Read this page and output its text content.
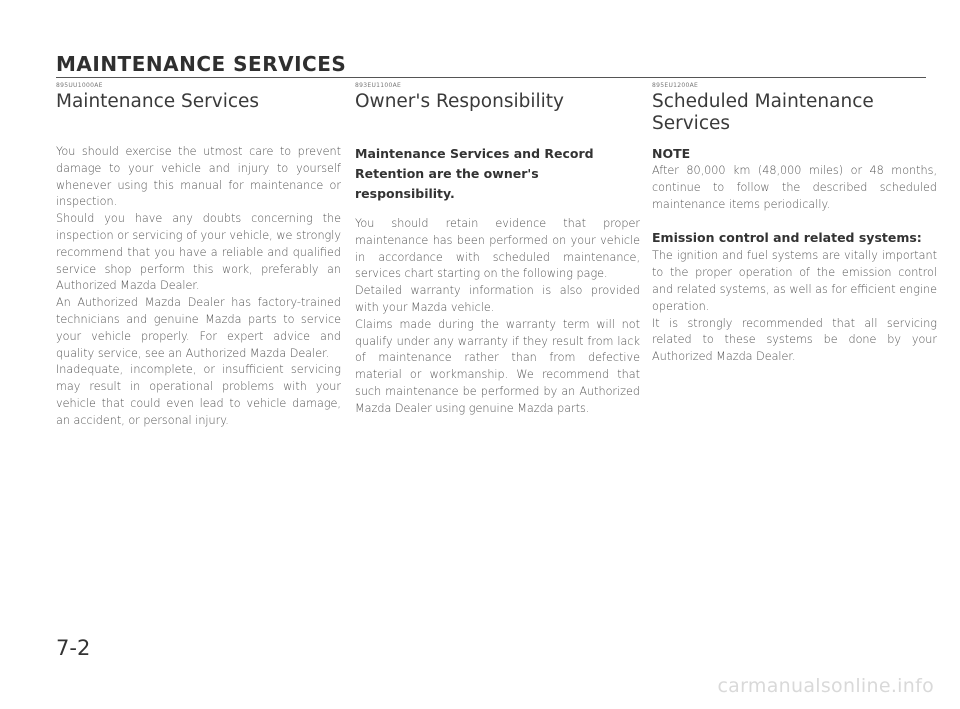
MAINTENANCE SERVICES
895UU1000AE
Maintenance Services

You should exercise the utmost care to prevent damage to your vehicle and injury to yourself whenever using this manual for maintenance or inspection.

Should you have any doubts concerning the inspection or servicing of your vehicle, we strongly recommend that you have a reliable and qualified service shop perform this work, preferably an Authorized Mazda Dealer.

An Authorized Mazda Dealer has factory-trained technicians and genuine Mazda parts to service your vehicle properly. For expert advice and quality service, see an Authorized Mazda Dealer.

Inadequate, incomplete, or insufficient servicing may result in operational problems with your vehicle that could even lead to vehicle damage, an accident, or personal injury.

893EU1100AE
Owner's Responsibility

Maintenance Services and Record Retention are the owner's responsibility.

You should retain evidence that proper maintenance has been performed on your vehicle in accordance with scheduled maintenance, services chart starting on the following page.

Detailed warranty information is also provided with your Mazda vehicle.

Claims made during the warranty term will not qualify under any warranty if they result from lack of maintenance rather than from defective material or workmanship. We recommend that such maintenance be performed by an Authorized Mazda Dealer using genuine Mazda parts.

895EU1200AE
Scheduled Maintenance Services

NOTE

After 80,000 km (48,000 miles) or 48 months, continue to follow the described scheduled maintenance items periodically.

Emission control and related systems:

The ignition and fuel systems are vitally important to the proper operation of the emission control and related systems, as well as for efficient engine operation.

It is strongly recommended that all servicing related to these systems be done by your Authorized Mazda Dealer.

7-2

carmanualsonline.info
